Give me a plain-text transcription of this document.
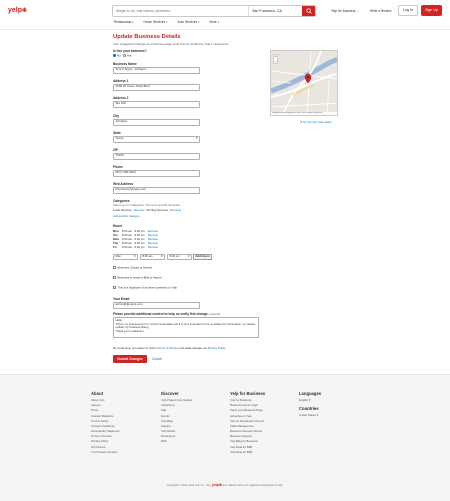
yelp✻	things to do, nail salons, plumbers	San Francisco, CA	Yelp for Business ⌄	Write a Review	Log In	Sign Up
Restaurants▾	Home Services▾	Auto Services▾	More▾
Update Business Details
Your suggested changes to a business page must first be verified by Yelp's moderators.
Is this your business?
No Yes
Business Name
SI & Z Signs - Arlington
Address 1
3306 W Green Oaks Blvd
Address 2
Ste 100
City
Arlington
State
Texas	▾
ZIP
76016
Phone
(817) 483-8641
Web Address
http://www.fgsigns.com
Categories
Select up to 3 categories. The more specific the better.
Local Services Remove Printing Services Remove
Add another category
Hours
Mon 8:00 am - 5:00 pm Remove
Tue	8:00 am - 5:00 pm Remove
Wed 8:00 am - 5:00 pm Remove
Thu	8:00 am - 5:00 pm Remove
Fri	8:00 am - 5:00 pm Remove
Mon	▾	8:00 am	▾	5:00 pm	▾	Add Hours
Business Closed or Moved
Business is inside a Mall or Airport
This is a duplicate of another business on Yelp
Your Email
admin@fgsigns.com
Please provide additional context to help us verify this change (optional)
Hello,
This is my business but I'm not the credentials and it is very important to me to update the information, so, please update my business listing.
Thank you in advance!
By continuing, you agree to Yelp's Terms of Service and acknowledge our Privacy Policy
Submit Changes	Cancel
+
−
Keyboard shortcuts Map data ©2022 Terms Report a map error
⚑ Fix incorrect map marker
About
About Yelp
Careers
Press
Investor Relations
Trust & Safety
Content Guidelines
Accessibility Statement
Terms of Service
Privacy Policy
Ad Choices
Your Privacy Choices
Discover
Yelp Project Cost Guides
Collections
Talk
Events
Yelp Blog
Support
Yelp Mobile
Developers
RSS
Yelp for Business
Yelp for Business
Business Owner Login
Claim your Business Page
Advertise on Yelp
Yelp for Restaurant Owners
Table Management
Business Success Stories
Business Support
Yelp Blog for Business
Yelp Data for B2B
Yelp Data for B2B
Languages
English ▾
Countries
United States ▾
Copyright © 2004–2022 Yelp Inc. Yelp, yelp✻ and related marks are registered trademarks of Yelp.
